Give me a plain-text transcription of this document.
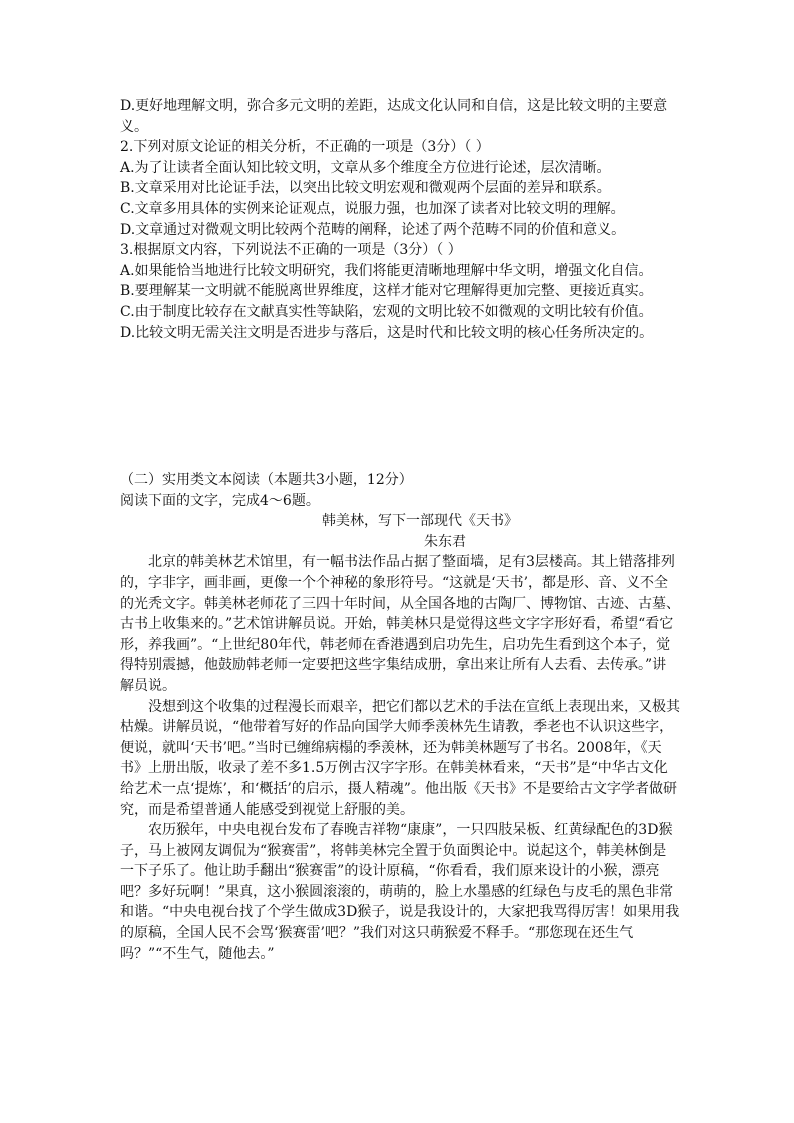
D.更好地理解文明，弥合多元文明的差距，达成文化认同和自信，这是比较文明的主要意义。

2.下列对原文论证的相关分析，不正确的一项是（3分）（ ）

A.为了让读者全面认知比较文明，文章从多个维度全方位进行论述，层次清晰。

B.文章采用对比论证手法，以突出比较文明宏观和微观两个层面的差异和联系。

C.文章多用具体的实例来论证观点，说服力强，也加深了读者对比较文明的理解。

D.文章通过对微观文明比较两个范畴的阐释，论述了两个范畴不同的价值和意义。

3.根据原文内容，下列说法不正确的一项是（3分）（ ）

A.如果能恰当地进行比较文明研究，我们将能更清晰地理解中华文明，增强文化自信。

B.要理解某一文明就不能脱离世界维度，这样才能对它理解得更加完整、更接近真实。

C.由于制度比较存在文献真实性等缺陷，宏观的文明比较不如微观的文明比较有价值。

D.比较文明无需关注文明是否进步与落后，这是时代和比较文明的核心任务所决定的。

（二）实用类文本阅读（本题共3小题，12分）

阅读下面的文字，完成4～6题。

韩美林，写下一部现代《天书》

朱东君

北京的韩美林艺术馆里，有一幅书法作品占据了整面墙，足有3层楼高。其上错落排列的，字非字，画非画，更像一个个神秘的象形符号。“这就是‘天书’，都是形、音、义不全的光秃文字。韩美林老师花了三四十年时间，从全国各地的古陶厂、博物馆、古迹、古墓、古书上收集来的。”艺术馆讲解员说。开始，韩美林只是觉得这些文字字形好看，希望“看它形，养我画”。“上世纪80年代，韩老师在香港遇到启功先生，启功先生看到这个本子，觉得特别震撼，他鼓励韩老师一定要把这些字集结成册，拿出来让所有人去看、去传承。”讲解员说。

没想到这个收集的过程漫长而艰辛，把它们都以艺术的手法在宣纸上表现出来，又极其枯燥。讲解员说，“他带着写好的作品向国学大师季羡林先生请教，季老也不认识这些字，便说，就叫‘天书’吧。”当时已缠绵病榻的季羡林，还为韩美林题写了书名。2008年，《天书》上册出版，收录了差不多1.5万例古汉字字形。在韩美林看来，“天书”是“中华古文化给艺术一点‘提炼’，和‘概括’的启示，摄人精魂”。他出版《天书》不是要给古文字学者做研究，而是希望普通人能感受到视觉上舒服的美。

农历猴年，中央电视台发布了春晚吉祥物“康康”，一只四肢呆板、红黄绿配色的3D猴子，马上被网友调侃为“猴赛雷”，将韩美林完全置于负面舆论中。说起这个，韩美林倒是一下子乐了。他让助手翻出“猴赛雷”的设计原稿，“你看看，我们原来设计的小猴，漂亮吧？多好玩啊！”果真，这小猴圆滚滚的，萌萌的，脸上水墨感的红绿色与皮毛的黑色非常和谐。“中央电视台找了个学生做成3D猴子，说是我设计的，大家把我骂得厉害！如果用我的原稿，全国人民不会骂‘猴赛雷’吧？”我们对这只萌猴爱不释手。“那您现在还生气吗？”“不生气，随他去。”
